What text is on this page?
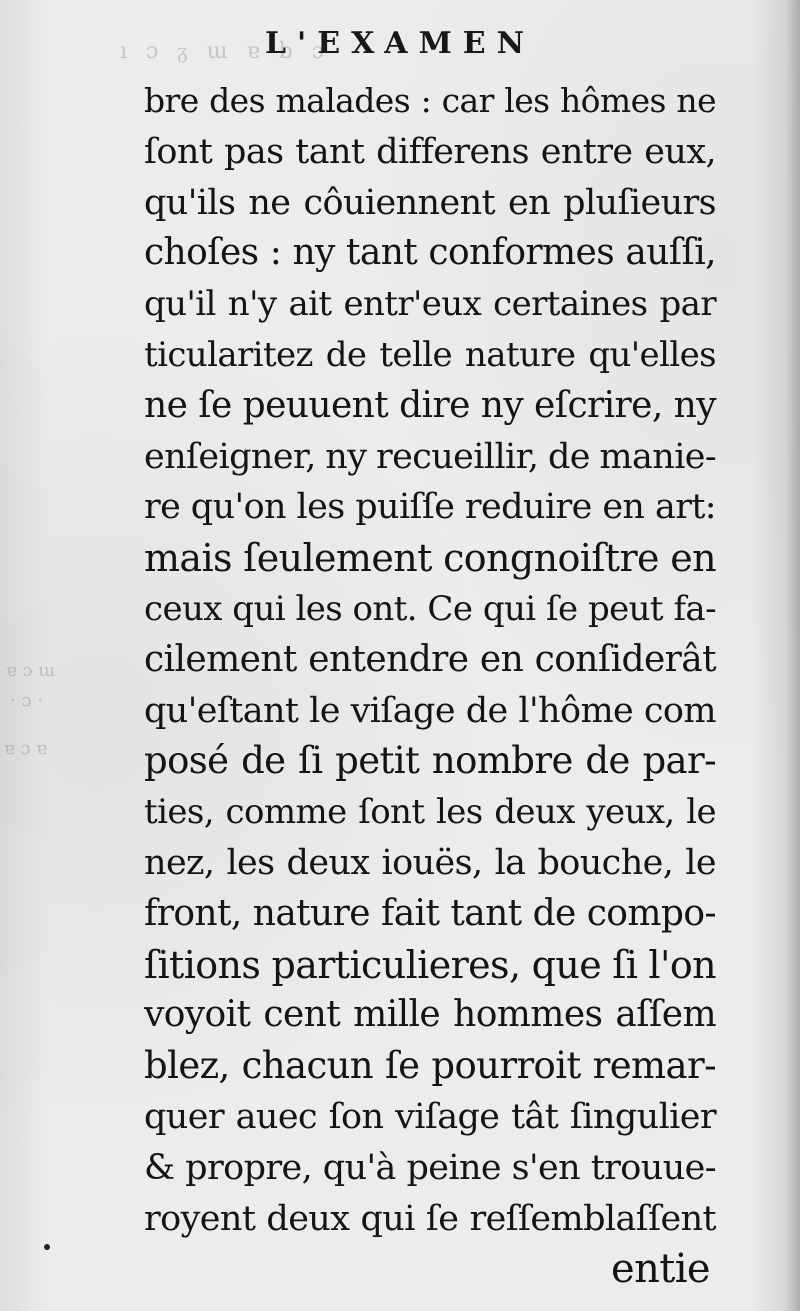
ı ɔ ᵹ ɯ ɐ b ɔ
ɐ ɔ ɯ
· ɔ ·
ɐ ɔ ɐ
L'EXAMEN
bre des malades : car les hômes ne
ſont pas tant differens entre eux,
qu'ils ne côuiennent en pluſieurs
choſes : ny tant conformes auſſi,
qu'il n'y ait entr'eux certaines par
ticularitez de telle nature qu'elles
ne ſe peuuent dire ny eſcrire, ny
enſeigner, ny recueillir, de manie-
re qu'on les puiſſe reduire en art:
mais ſeulement congnoiſtre en
ceux qui les ont. Ce qui ſe peut fa-
cilement entendre en conſiderât
qu'eſtant le viſage de l'hôme com
posé de ſi petit nombre de par-
ties, comme ſont les deux yeux, le
nez, les deux iouës, la bouche, le
front, nature fait tant de compo-
ſitions particulieres, que ſi l'on
voyoit cent mille hommes aſſem
blez, chacun ſe pourroit remar-
quer auec ſon viſage tât ſingulier
& propre, qu'à peine s'en trouue-
royent deux qui ſe reſſemblaſſent
entie
